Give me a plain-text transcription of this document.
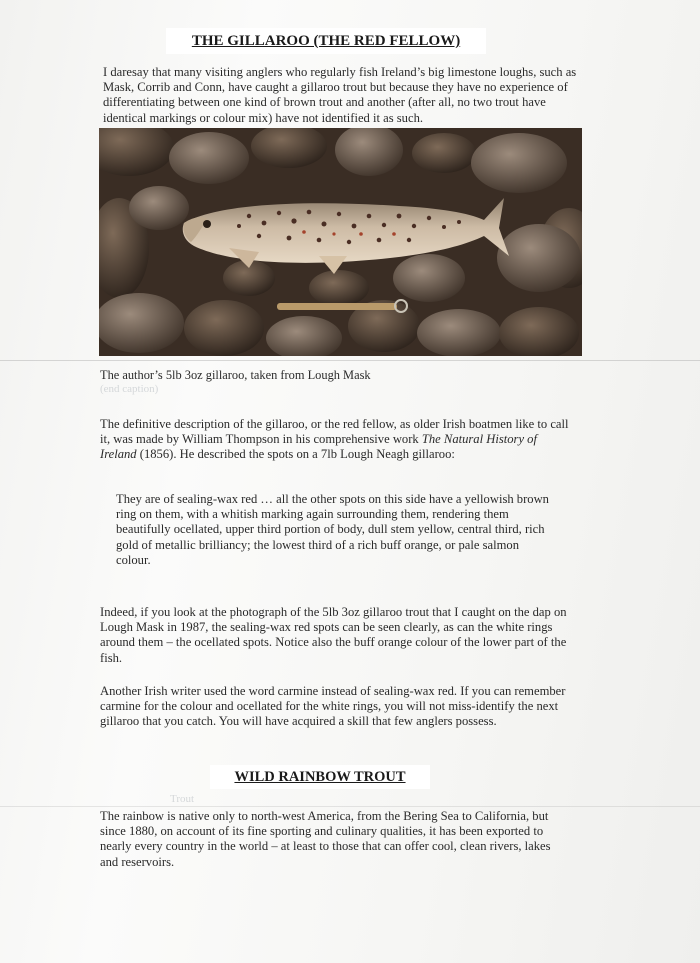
THE GILLAROO (THE RED FELLOW)

I daresay that many visiting anglers who regularly fish Ireland’s big limestone loughs, such as Mask, Corrib and Conn, have caught a gillaroo trout but because they have no experience of differentiating between one kind of brown trout and another (after all, no two trout have identical markings or colour mix) have not identified it as such.

The author’s 5lb 3oz gillaroo, taken from Lough Mask

(end caption)

The definitive description of the gillaroo, or the red fellow, as older Irish boatmen like to call it, was made by William Thompson in his comprehensive work The Natural History of Ireland (1856). He described the spots on a 7lb Lough Neagh gillaroo:

They are of sealing-wax red … all the other spots on this side have a yellowish brown ring on them, with a whitish marking again surrounding them, rendering them beautifully ocellated, upper third portion of body, dull stem yellow, central third, rich gold of metallic brilliancy; the lowest third of a rich buff orange, or pale salmon colour.

Indeed, if you look at the photograph of the 5lb 3oz gillaroo trout that I caught on the dap on Lough Mask in 1987, the sealing-wax red spots can be seen clearly, as can the white rings around them – the ocellated spots. Notice also the buff orange colour of the lower part of the fish.

Another Irish writer used the word carmine instead of sealing-wax red. If you can remember carmine for the colour and ocellated for the white rings, you will not miss-identify the next gillaroo that you catch. You will have acquired a skill that few anglers possess.

WILD RAINBOW TROUT
Trout

The rainbow is native only to north-west America, from the Bering Sea to California, but since 1880, on account of its fine sporting and culinary qualities, it has been exported to nearly every country in the world – at least to those that can offer cool, clean rivers, lakes and reservoirs.
